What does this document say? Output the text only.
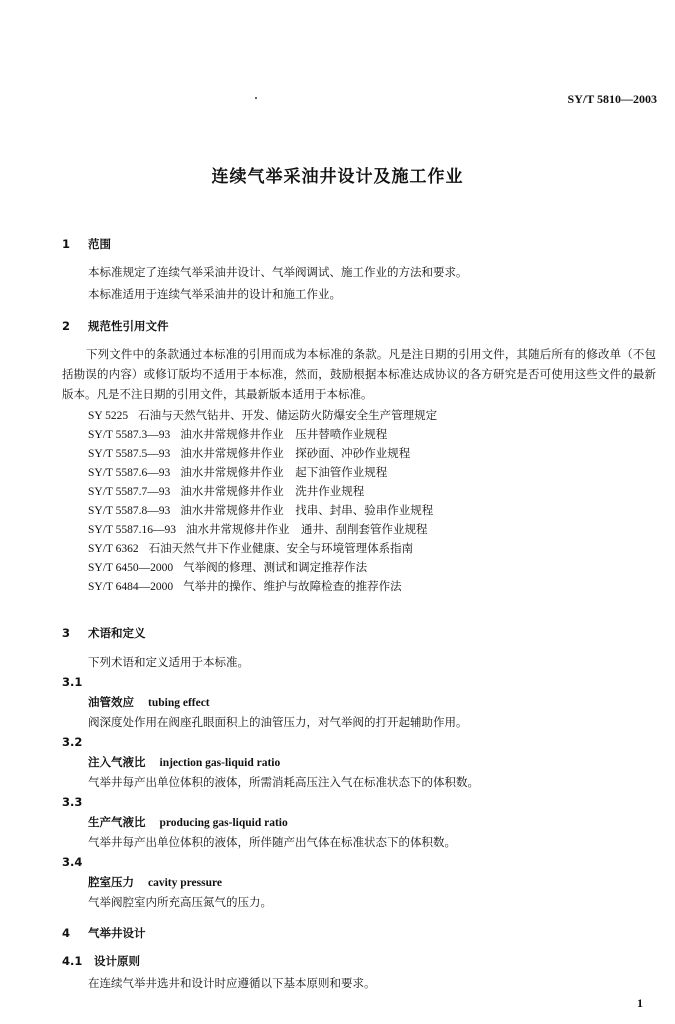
SY/T 5810—2003
连续气举采油井设计及施工作业
1 范围
本标准规定了连续气举采油井设计、气举阀调试、施工作业的方法和要求。
本标准适用于连续气举采油井的设计和施工作业。
2 规范性引用文件
下列文件中的条款通过本标准的引用而成为本标准的条款。凡是注日期的引用文件，其随后所有的修改单（不包括勘误的内容）或修订版均不适用于本标准，然而，鼓励根据本标准达成协议的各方研究是否可使用这些文件的最新版本。凡是不注日期的引用文件，其最新版本适用于本标准。
SY 5225 石油与天然气钻井、开发、储运防火防爆安全生产管理规定
SY/T 5587.3—93 油水井常规修井作业　压井替喷作业规程
SY/T 5587.5—93 油水井常规修井作业　探砂面、冲砂作业规程
SY/T 5587.6—93 油水井常规修井作业　起下油管作业规程
SY/T 5587.7—93 油水井常规修井作业　洗井作业规程
SY/T 5587.8—93 油水井常规修井作业　找串、封串、验串作业规程
SY/T 5587.16—93 油水井常规修井作业　通井、刮削套管作业规程
SY/T 6362 石油天然气井下作业健康、安全与环境管理体系指南
SY/T 6450—2000 气举阀的修理、测试和调定推荐作法
SY/T 6484—2000 气举井的操作、维护与故障检查的推荐作法
3 术语和定义
下列术语和定义适用于本标准。
3.1
油管效应 tubing effect
阀深度处作用在阀座孔眼面积上的油管压力，对气举阀的打开起辅助作用。
3.2
注入气液比 injection gas-liquid ratio
气举井每产出单位体积的液体，所需消耗高压注入气在标准状态下的体积数。
3.3
生产气液比 producing gas-liquid ratio
气举井每产出单位体积的液体，所伴随产出气体在标准状态下的体积数。
3.4
腔室压力 cavity pressure
气举阀腔室内所充高压氮气的压力。
4 气举井设计
4.1 设计原则
在连续气举井选井和设计时应遵循以下基本原则和要求。
1
